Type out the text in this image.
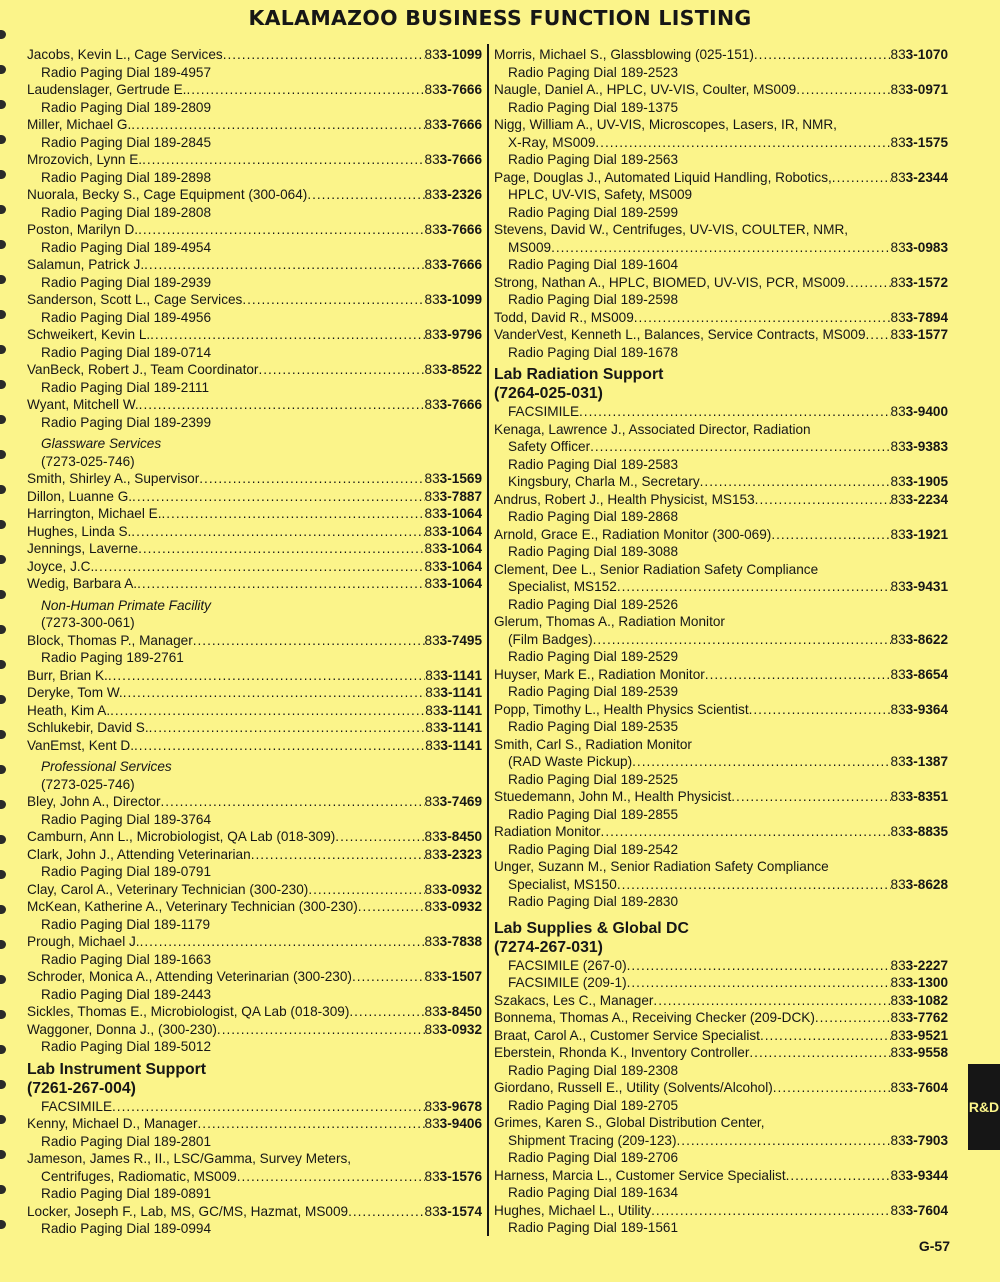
KALAMAZOO BUSINESS FUNCTION LISTING
Jacobs, Kevin L., Cage Services .....	833-1099
Radio Paging Dial 189-4957
Laudenslager, Gertrude E. .....	833-7666
Radio Paging Dial 189-2809
Miller, Michael G. .....	833-7666
Radio Paging Dial 189-2845
Mrozovich, Lynn E. .....	833-7666
Radio Paging Dial 189-2898
Nuorala, Becky S., Cage Equipment (300-064) .....	833-2326
Radio Paging Dial 189-2808
Poston, Marilyn D. .....	833-7666
Radio Paging Dial 189-4954
Salamun, Patrick J. .....	833-7666
Radio Paging Dial 189-2939
Sanderson, Scott L., Cage Services .....	833-1099
Radio Paging Dial 189-4956
Schweikert, Kevin L. .....	833-9796
Radio Paging Dial 189-0714
VanBeck, Robert J., Team Coordinator .....	833-8522
Radio Paging Dial 189-2111
Wyant, Mitchell W. .....	833-7666
Radio Paging Dial 189-2399
Glassware Services
(7273-025-746)
Smith, Shirley A., Supervisor .....	833-1569
Dillon, Luanne G. .....	833-7887
Harrington, Michael E. .....	833-1064
Hughes, Linda S. .....	833-1064
Jennings, Laverne .....	833-1064
Joyce, J.C. .....	833-1064
Wedig, Barbara A. .....	833-1064
Non-Human Primate Facility
(7273-300-061)
Block, Thomas P., Manager .....	833-7495
Radio Paging 189-2761
Burr, Brian K. .....	833-1141
Deryke, Tom W. .....	833-1141
Heath, Kim A. .....	833-1141
Schlukebir, David S. .....	833-1141
VanEmst, Kent D. .....	833-1141
Professional Services
(7273-025-746)
Bley, John A., Director .....	833-7469
Radio Paging Dial 189-3764
Camburn, Ann L., Microbiologist, QA Lab (018-309) .....	833-8450
Clark, John J., Attending Veterinarian .....	833-2323
Radio Paging Dial 189-0791
Clay, Carol A., Veterinary Technician (300-230) .....	833-0932
McKean, Katherine A., Veterinary Technician (300-230) .....	833-0932
Radio Paging Dial 189-1179
Prough, Michael J. .....	833-7838
Radio Paging Dial 189-1663
Schroder, Monica A., Attending Veterinarian (300-230) .....	833-1507
Radio Paging Dial 189-2443
Sickles, Thomas E., Microbiologist, QA Lab (018-309) .....	833-8450
Waggoner, Donna J., (300-230) .....	833-0932
Radio Paging Dial 189-5012
Lab Instrument Support
(7261-267-004)
FACSIMILE .....	833-9678
Kenny, Michael D., Manager .....	833-9406
Radio Paging Dial 189-2801
Jameson, James R., II., LSC/Gamma, Survey Meters,
Centrifuges, Radiomatic, MS009 .....	833-1576
Radio Paging Dial 189-0891
Locker, Joseph F., Lab, MS, GC/MS, Hazmat, MS009 .....	833-1574
Radio Paging Dial 189-0994
Morris, Michael S., Glassblowing (025-151) .....	833-1070
Radio Paging Dial 189-2523
Naugle, Daniel A., HPLC, UV-VIS, Coulter, MS009 .....	833-0971
Radio Paging Dial 189-1375
Nigg, William A., UV-VIS, Microscopes, Lasers, IR, NMR,
X-Ray, MS009 .....	833-1575
Radio Paging Dial 189-2563
Page, Douglas J., Automated Liquid Handling, Robotics, .....	833-2344
HPLC, UV-VIS, Safety, MS009
Radio Paging Dial 189-2599
Stevens, David W., Centrifuges, UV-VIS, COULTER, NMR,
MS009 .....	833-0983
Radio Paging Dial 189-1604
Strong, Nathan A., HPLC, BIOMED, UV-VIS, PCR, MS009 .....	833-1572
Radio Paging Dial 189-2598
Todd, David R., MS009 .....	833-7894
VanderVest, Kenneth L., Balances, Service Contracts, MS009 ..... 833-1577
Radio Paging Dial 189-1678
Lab Radiation Support
(7264-025-031)
FACSIMILE .....	833-9400
Kenaga, Lawrence J., Associated Director, Radiation
Safety Officer .....	833-9383
Radio Paging Dial 189-2583
Kingsbury, Charla M., Secretary .....	833-1905
Andrus, Robert J., Health Physicist, MS153 .....	833-2234
Radio Paging Dial 189-2868
Arnold, Grace E., Radiation Monitor (300-069) .....	833-1921
Radio Paging Dial 189-3088
Clement, Dee L., Senior Radiation Safety Compliance
Specialist, MS152 .....	833-9431
Radio Paging Dial 189-2526
Glerum, Thomas A., Radiation Monitor
(Film Badges) .....	833-8622
Radio Paging Dial 189-2529
Huyser, Mark E., Radiation Monitor .....	833-8654
Radio Paging Dial 189-2539
Popp, Timothy L., Health Physics Scientist .....	833-9364
Radio Paging Dial 189-2535
Smith, Carl S., Radiation Monitor
(RAD Waste Pickup) .....	833-1387
Radio Paging Dial 189-2525
Stuedemann, John M., Health Physicist .....	833-8351
Radio Paging Dial 189-2855
Radiation Monitor .....	833-8835
Radio Paging Dial 189-2542
Unger, Suzann M., Senior Radiation Safety Compliance
Specialist, MS150 .....	833-8628
Radio Paging Dial 189-2830
Lab Supplies & Global DC
(7274-267-031)
FACSIMILE (267-0) .....	833-2227
FACSIMILE (209-1) .....	833-1300
Szakacs, Les C., Manager .....	833-1082
Bonnema, Thomas A., Receiving Checker (209-DCK) .....	833-7762
Braat, Carol A., Customer Service Specialist .....	833-9521
Eberstein, Rhonda K., Inventory Controller .....	833-9558
Radio Paging Dial 189-2308
Giordano, Russell E., Utility (Solvents/Alcohol) .....	833-7604
Radio Paging Dial 189-2705
Grimes, Karen S., Global Distribution Center,
Shipment Tracing (209-123) .....	833-7903
Radio Paging Dial 189-2706
Harness, Marcia L., Customer Service Specialist .....	833-9344
Radio Paging Dial 189-1634
Hughes, Michael L., Utility .....	833-7604
Radio Paging Dial 189-1561
R&D
G-57
